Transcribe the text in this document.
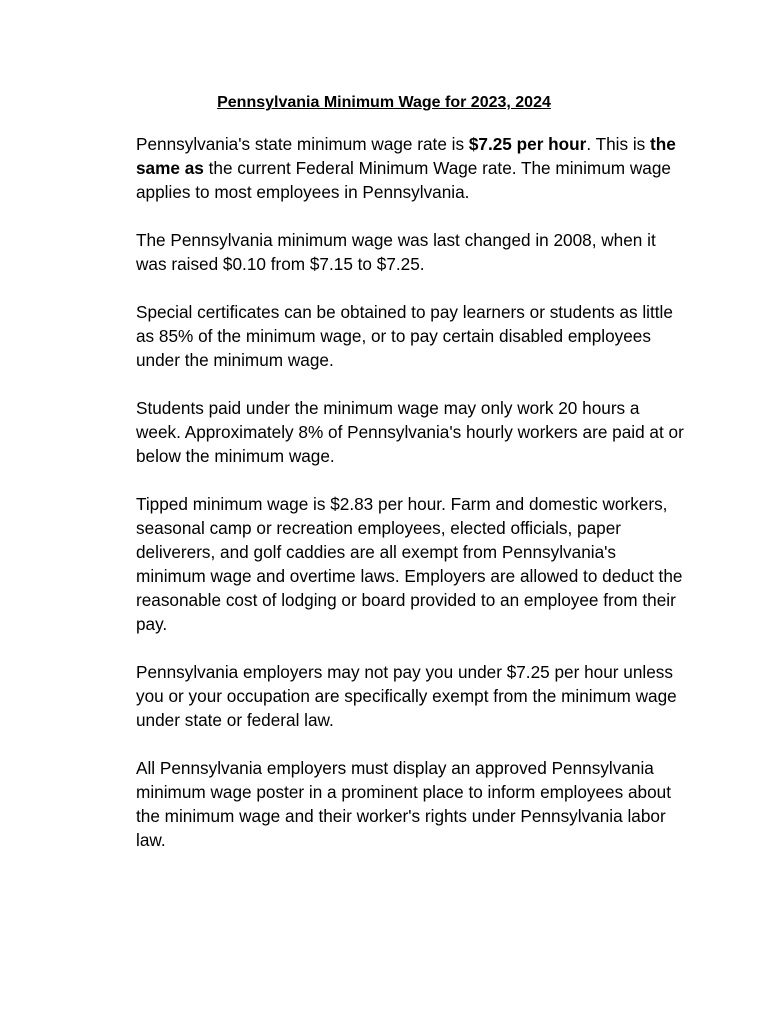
Pennsylvania Minimum Wage for 2023, 2024

Pennsylvania's state minimum wage rate is $7.25 per hour. This is the same as the current Federal Minimum Wage rate. The minimum wage applies to most employees in Pennsylvania.

The Pennsylvania minimum wage was last changed in 2008, when it was raised $0.10 from $7.15 to $7.25.

Special certificates can be obtained to pay learners or students as little as 85% of the minimum wage, or to pay certain disabled employees under the minimum wage.

Students paid under the minimum wage may only work 20 hours a week. Approximately 8% of Pennsylvania's hourly workers are paid at or below the minimum wage.

Tipped minimum wage is $2.83 per hour. Farm and domestic workers, seasonal camp or recreation employees, elected officials, paper deliverers, and golf caddies are all exempt from Pennsylvania's minimum wage and overtime laws. Employers are allowed to deduct the reasonable cost of lodging or board provided to an employee from their pay.

Pennsylvania employers may not pay you under $7.25 per hour unless you or your occupation are specifically exempt from the minimum wage under state or federal law.

All Pennsylvania employers must display an approved Pennsylvania minimum wage poster in a prominent place to inform employees about the minimum wage and their worker's rights under Pennsylvania labor law.
